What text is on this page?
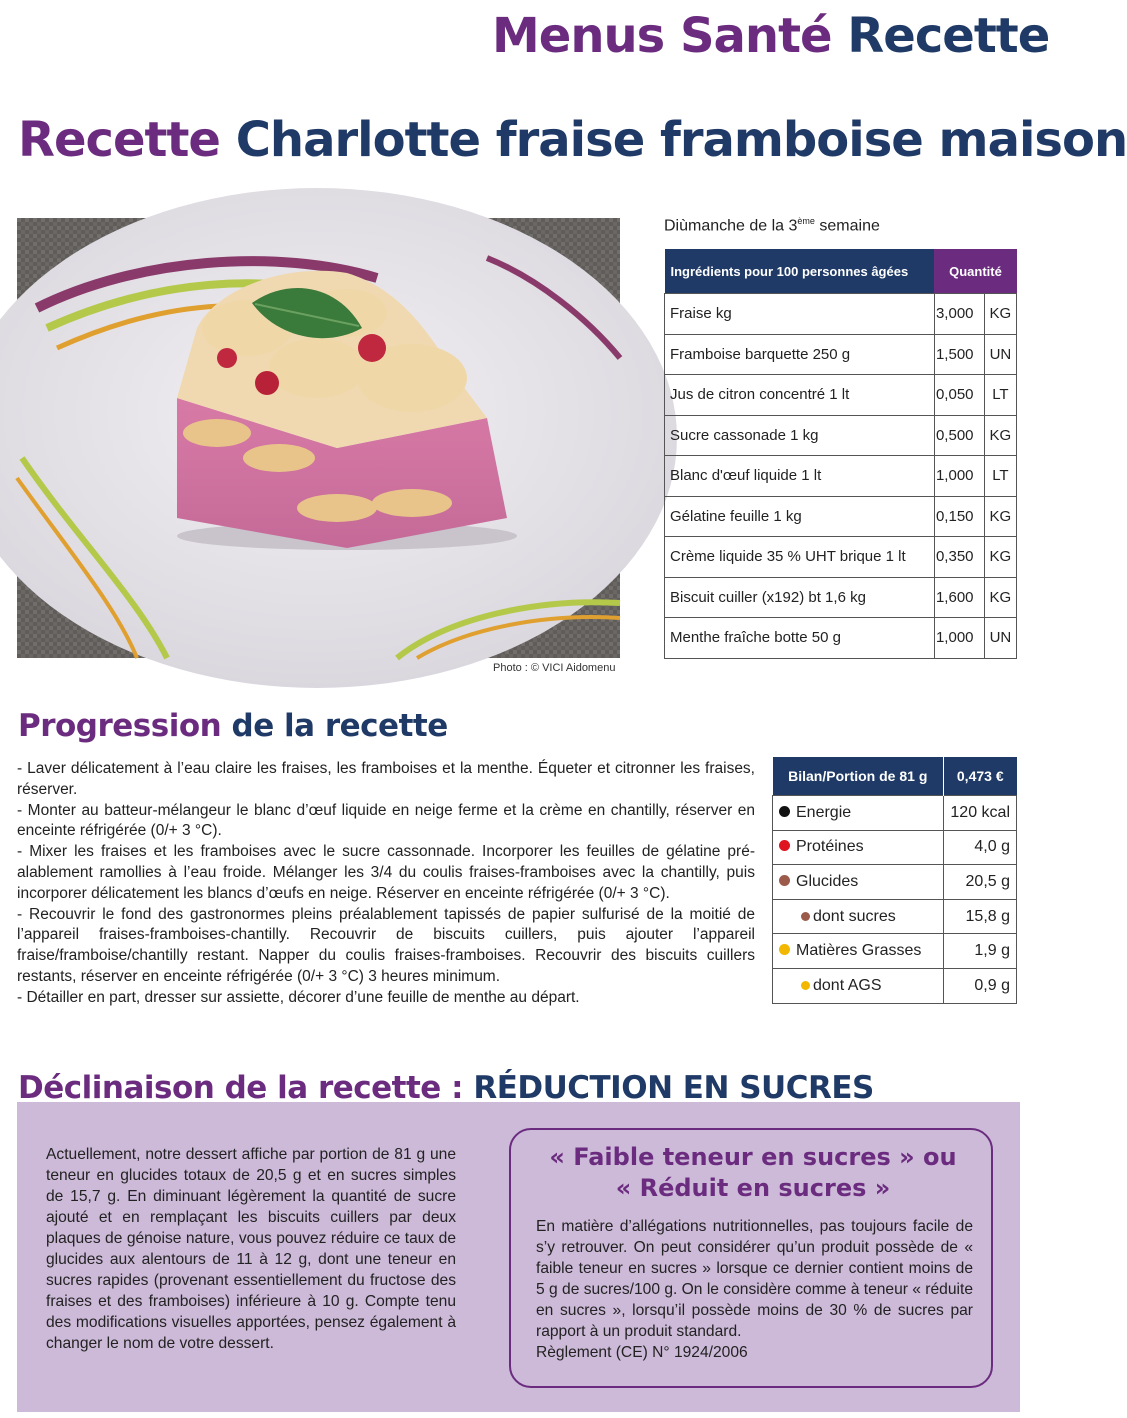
Menus Santé Recette
Recette Charlotte fraise framboise maison
Photo : © VICI Aidomenu
Diùmanche de la 3ème semaine
Ingrédients pour 100 personnes âgées	Quantité	
Fraise kg	3,000	KG
Framboise barquette 250 g	1,500	UN
Jus de citron concentré 1 lt	0,050	LT
Sucre cassonade 1 kg	0,500	KG
Blanc d'œuf liquide 1 lt	1,000	LT
Gélatine feuille 1 kg	0,150	KG
Crème liquide 35 % UHT brique 1 lt	0,350	KG
Biscuit cuiller (x192) bt 1,6 kg	1,600	KG
Menthe fraîche botte 50 g	1,000	UN
Progression de la recette

- Laver délicatement à l’eau claire les fraises, les framboises et la menthe. Équeter et citronner les fraises, réserver.

- Monter au batteur-mélangeur le blanc d’œuf liquide en neige ferme et la crème en chantilly, réserver en enceinte réfrigérée (0/+ 3 °C).

- Mixer les fraises et les framboises avec le sucre cassonnade. Incorporer les feuilles de gélatine pré-alablement ramollies à l’eau froide. Mélanger les 3/4 du coulis fraises-framboises avec la chantilly, puis incorporer délicatement les blancs d’œufs en neige. Réserver en enceinte réfrigérée (0/+ 3 °C).

- Recouvrir le fond des gastronormes pleins préalablement tapissés de papier sulfurisé de la moitié de l’appareil fraises-framboises-chantilly. Recouvrir de biscuits cuillers, puis ajouter l’appareil fraise/framboise/chantilly restant. Napper du coulis fraises-framboises. Recouvrir des biscuits cuillers restants, réserver en enceinte réfrigérée (0/+ 3 °C) 3 heures minimum.

- Détailler en part, dresser sur assiette, décorer d’une feuille de menthe au départ.

Bilan/Portion de 81 g	0,473 €
Energie	120 kcal
Protéines	4,0 g
Glucides	20,5 g
dont sucres	15,8 g
Matières Grasses	1,9 g
dont AGS	0,9 g
Déclinaison de la recette : RÉDUCTION EN SUCRES
Actuellement, notre dessert affiche par portion de 81 g une teneur en glucides totaux de 20,5 g et en sucres simples de 15,7 g. En diminuant légèrement la quantité de sucre ajouté et en remplaçant les biscuits cuillers par deux plaques de génoise nature, vous pouvez réduire ce taux de glucides aux alentours de 11 à 12 g, dont une teneur en sucres rapides (provenant essentiellement du fructose des fraises et des framboises) inférieure à 10 g. Compte tenu des modifications visuelles apportées, pensez également à changer le nom de votre dessert.
« Faible teneur en sucres » ou
« Réduit en sucres »
En matière d’allégations nutritionnelles, pas toujours facile de s’y retrouver. On peut considérer qu’un produit possède de « faible teneur en sucres » lorsque ce dernier contient moins de 5 g de sucres/100 g. On le considère comme à teneur « réduite en sucres », lorsqu’il possède moins de 30 % de sucres par rapport à un produit standard.
Règlement (CE) N° 1924/2006
